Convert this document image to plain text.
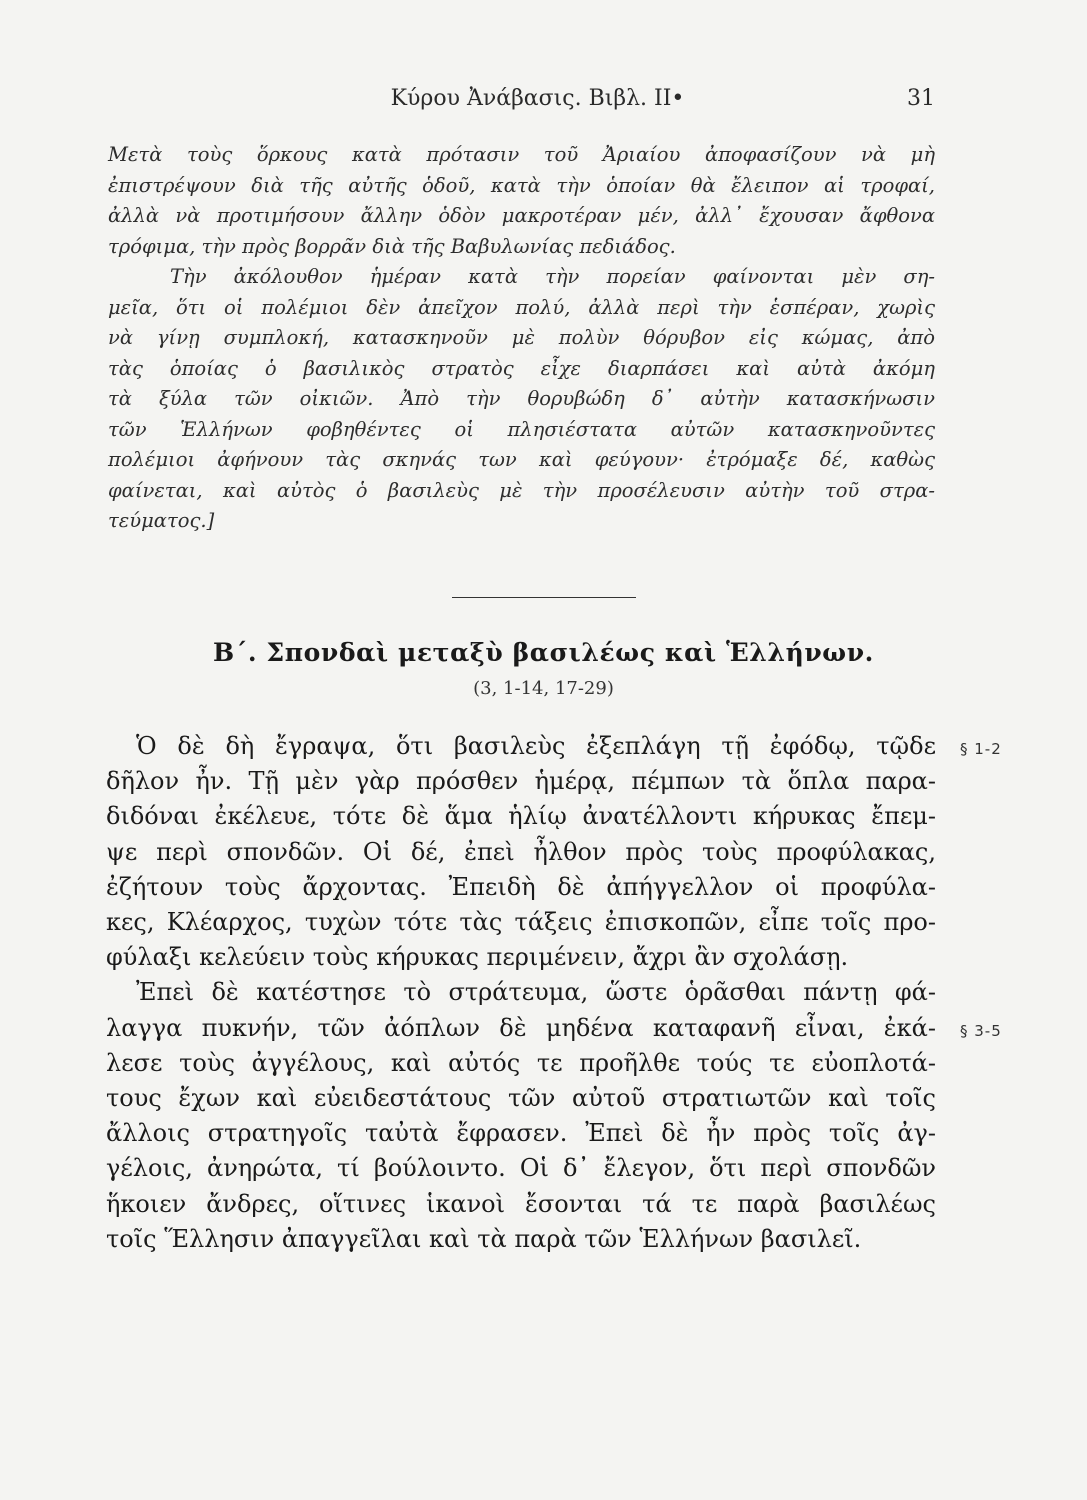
Κύρου Ἀνάβασις. Βιβλ. ΙΙ•	31

Μετὰ τοὺς ὅρκους κατὰ πρότασιν τοῦ Ἀριαίου ἀποφασίζουν νὰ μὴ

ἐπιστρέψουν διὰ τῆς αὐτῆς ὁδοῦ, κατὰ τὴν ὁποίαν θὰ ἔλειπον αἱ τροφαί,

ἀλλὰ νὰ προτιμήσουν ἄλλην ὁδὸν μακροτέραν μέν, ἀλλ᾽ ἔχουσαν ἄφθονα

τρόφιμα, τὴν πρὸς βορρᾶν διὰ τῆς Βαβυλωνίας πεδιάδος.

Τὴν ἀκόλουθον ἡμέραν κατὰ τὴν πορείαν φαίνονται μὲν ση-

μεῖα, ὅτι οἱ πολέμιοι δὲν ἀπεῖχον πολύ, ἀλλὰ περὶ τὴν ἑσπέραν, χωρὶς

νὰ γίνῃ συμπλοκή, κατασκηνοῦν μὲ πολὺν θόρυβον εἰς κώμας, ἀπὸ

τὰς ὁποίας ὁ βασιλικὸς στρατὸς εἶχε διαρπάσει καὶ αὐτὰ ἀκόμη

τὰ ξύλα τῶν οἰκιῶν. Ἀπὸ τὴν θορυβώδη δ᾽ αὐτὴν κατασκήνωσιν

τῶν Ἑλλήνων φοβηθέντες οἱ πλησιέστατα αὐτῶν κατασκηνοῦντες

πολέμιοι ἀφήνουν τὰς σκηνάς των καὶ φεύγουν· ἐτρόμαξε δέ, καθὼς

φαίνεται, καὶ αὐτὸς ὁ βασιλεὺς μὲ τὴν προσέλευσιν αὐτὴν τοῦ στρα-

τεύματος.]

Β΄. Σπονδαὶ μεταξὺ βασιλέως καὶ Ἑλλήνων.
(3, 1-14, 17-29)

Ὁ δὲ δὴ ἔγραψα, ὅτι βασιλεὺς ἐξεπλάγη τῇ ἐφόδῳ, τῷδε

δῆλον ἦν. Τῇ μὲν γὰρ πρόσθεν ἡμέρᾳ, πέμπων τὰ ὅπλα παρα-

διδόναι ἐκέλευε, τότε δὲ ἅμα ἡλίῳ ἀνατέλλοντι κήρυκας ἔπεμ-

ψε περὶ σπονδῶν. Οἱ δέ, ἐπεὶ ἦλθον πρὸς τοὺς προφύλακας,

ἐζήτουν τοὺς ἄρχοντας. Ἐπειδὴ δὲ ἀπήγγελλον οἱ προφύλα-

κες, Κλέαρχος, τυχὼν τότε τὰς τάξεις ἐπισκοπῶν, εἶπε τοῖς προ-

φύλαξι κελεύειν τοὺς κήρυκας περιμένειν, ἄχρι ἂν σχολάσῃ.

Ἐπεὶ δὲ κατέστησε τὸ στράτευμα, ὥστε ὁρᾶσθαι πάντῃ φά-

λαγγα πυκνήν, τῶν ἀόπλων δὲ μηδένα καταφανῆ εἶναι, ἐκά-

λεσε τοὺς ἀγγέλους, καὶ αὐτός τε προῆλθε τούς τε εὐοπλοτά-

τους ἔχων καὶ εὐειδεστάτους τῶν αὐτοῦ στρατιωτῶν καὶ τοῖς

ἄλλοις στρατηγοῖς ταὐτὰ ἔφρασεν. Ἐπεὶ δὲ ἦν πρὸς τοῖς ἀγ-

γέλοις, ἀνηρώτα, τί βούλοιντο. Οἱ δ᾽ ἔλεγον, ὅτι περὶ σπονδῶν

ἥκοιεν ἄνδρες, οἵτινες ἱκανοὶ ἔσονται τά τε παρὰ βασιλέως

τοῖς Ἕλλησιν ἀπαγγεῖλαι καὶ τὰ παρὰ τῶν Ἑλλήνων βασιλεῖ.

§ 1-2
§ 3-5
